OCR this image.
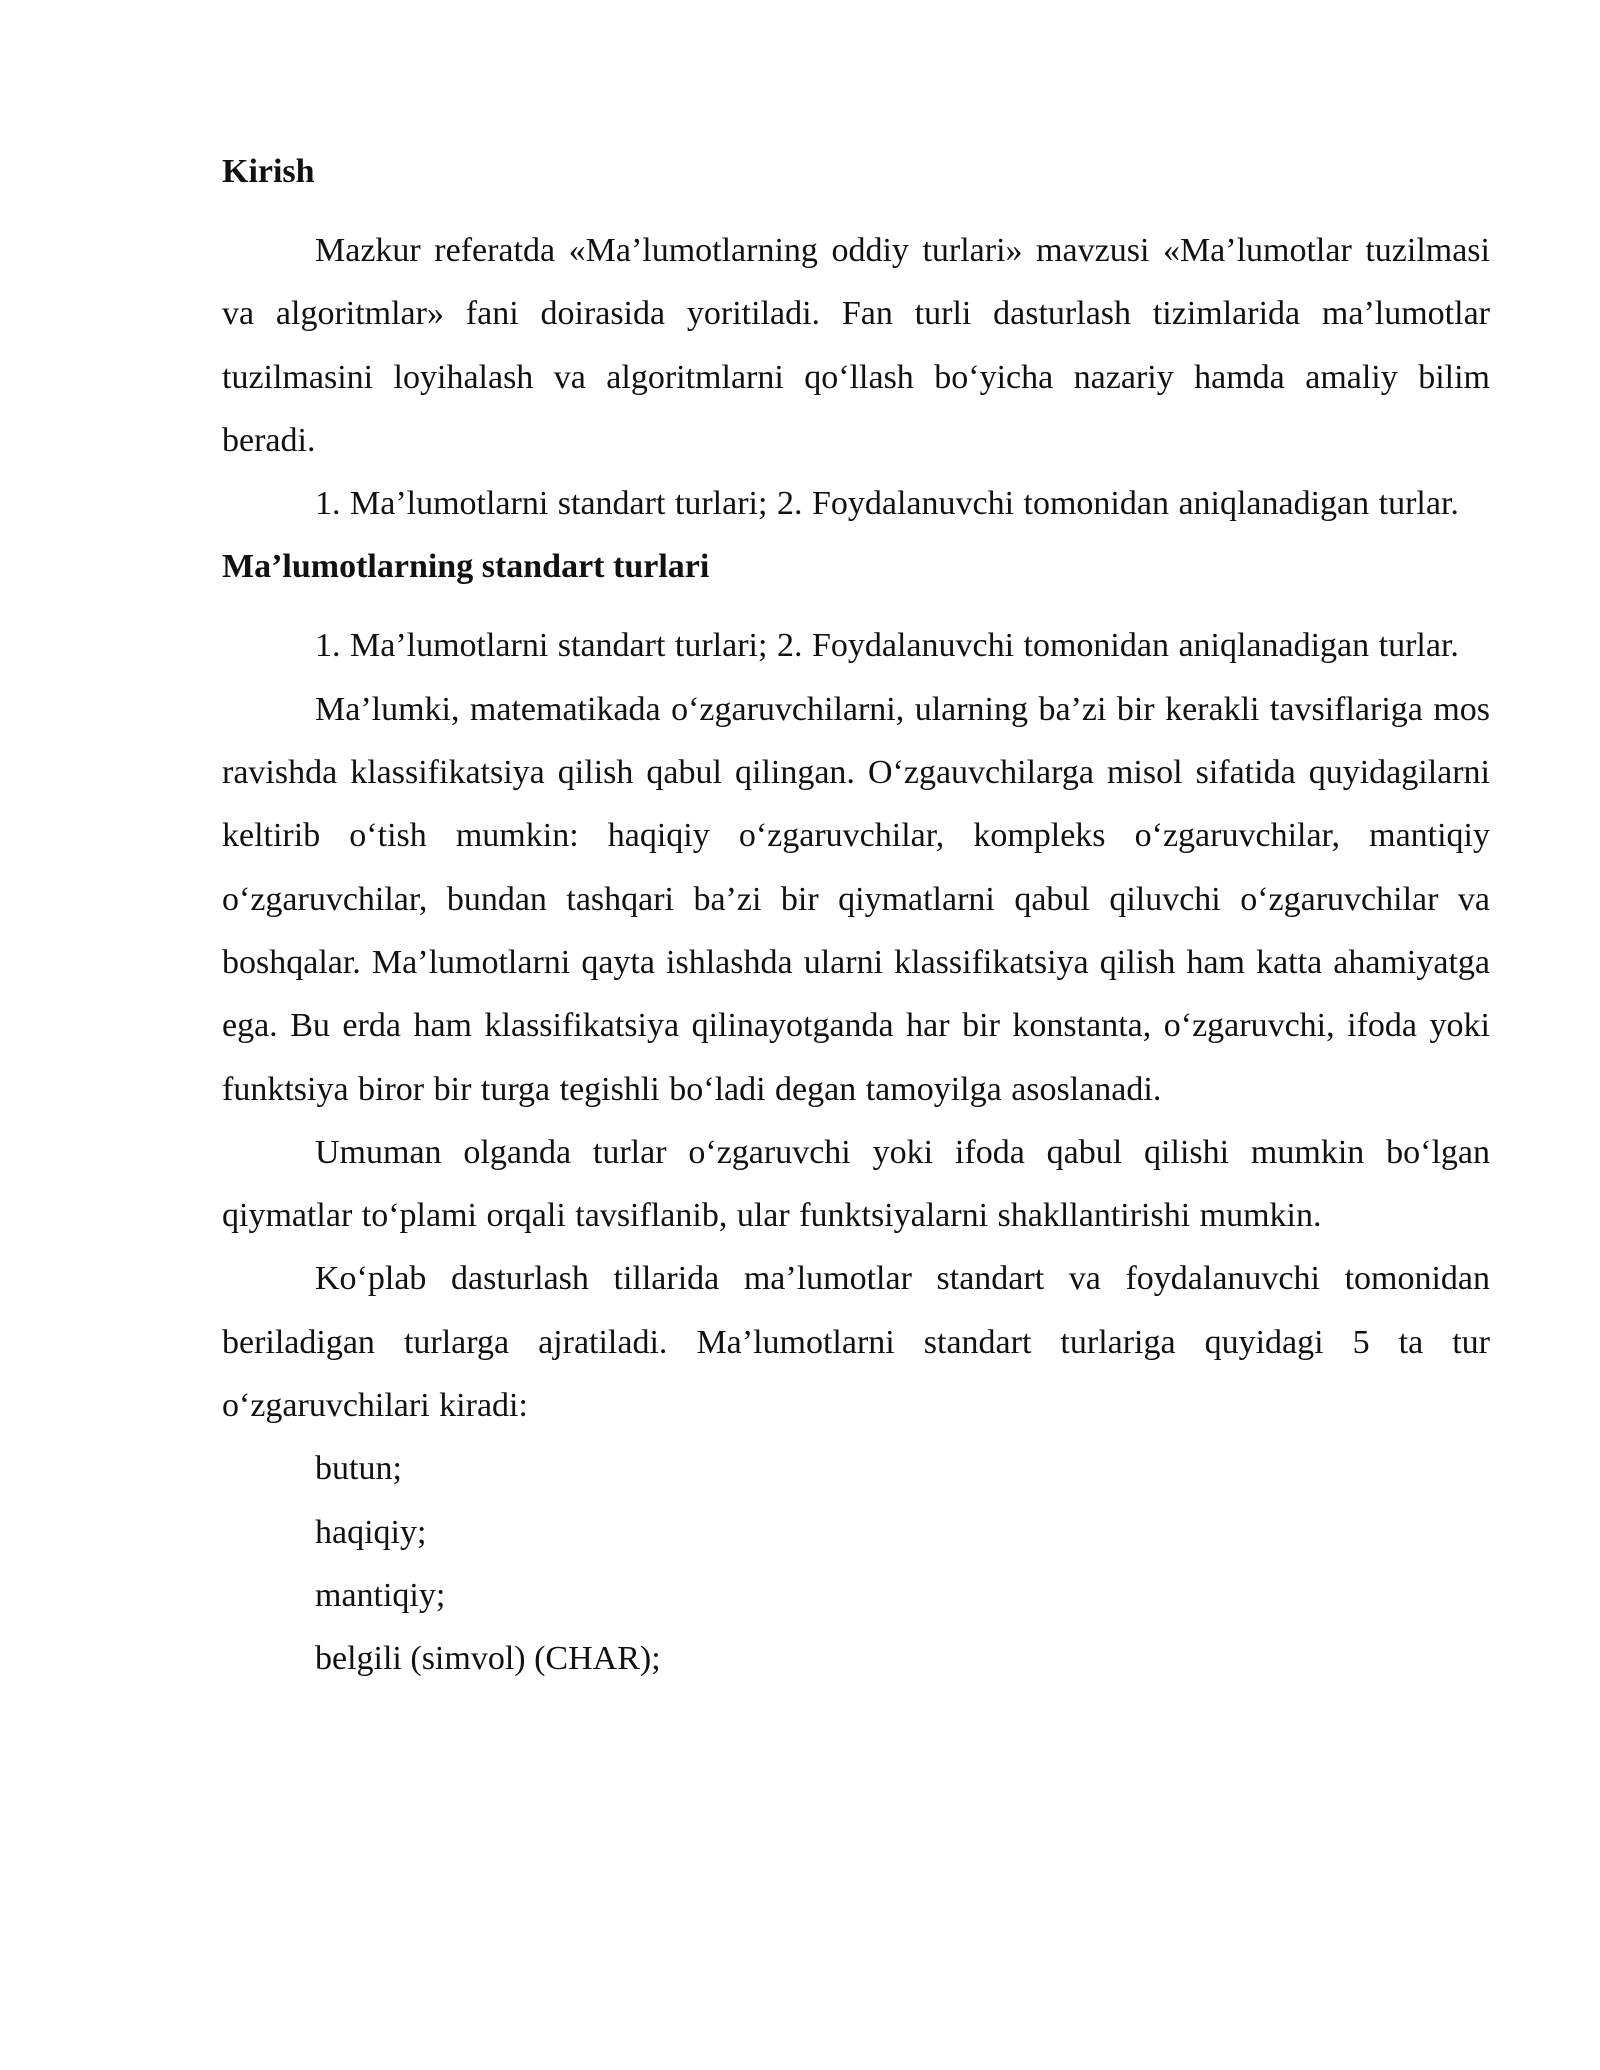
Kirish

Mazkur referatda «Ma’lumotlarning oddiy turlari» mavzusi «Ma’lumotlar tuzilmasi va algoritmlar» fani doirasida yoritiladi. Fan turli dasturlash tizimlarida ma’lumotlar tuzilmasini loyihalash va algoritmlarni qo‘llash bo‘yicha nazariy hamda amaliy bilim beradi.

1. Ma’lumotlarni standart turlari; 2. Foydalanuvchi tomonidan aniqlanadigan turlar.

Ma’lumotlarning standart turlari

1. Ma’lumotlarni standart turlari; 2. Foydalanuvchi tomonidan aniqlanadigan turlar.

Ma’lumki, matematikada o‘zgaruvchilarni, ularning ba’zi bir kerakli tavsiflariga mos ravishda klassifikatsiya qilish qabul qilingan. O‘zgauvchilarga misol sifatida quyidagilarni keltirib o‘tish mumkin: haqiqiy o‘zgaruvchilar, kompleks o‘zgaruvchilar, mantiqiy o‘zgaruvchilar, bundan tashqari ba’zi bir qiymatlarni qabul qiluvchi o‘zgaruvchilar va boshqalar. Ma’lumotlarni qayta ishlashda ularni klassifikatsiya qilish ham katta ahamiyatga ega. Bu erda ham klassifikatsiya qilinayotganda har bir konstanta, o‘zgaruvchi, ifoda yoki funktsiya biror bir turga tegishli bo‘ladi degan tamoyilga asoslanadi.

Umuman olganda turlar o‘zgaruvchi yoki ifoda qabul qilishi mumkin bo‘lgan qiymatlar to‘plami orqali tavsiflanib, ular funktsiyalarni shakllantirishi mumkin.

Ko‘plab dasturlash tillarida ma’lumotlar standart va foydalanuvchi tomonidan beriladigan turlarga ajratiladi. Ma’lumotlarni standart turlariga quyidagi 5 ta tur o‘zgaruvchilari kiradi:

butun;
haqiqiy;
mantiqiy;
belgili (simvol) (CHAR);
